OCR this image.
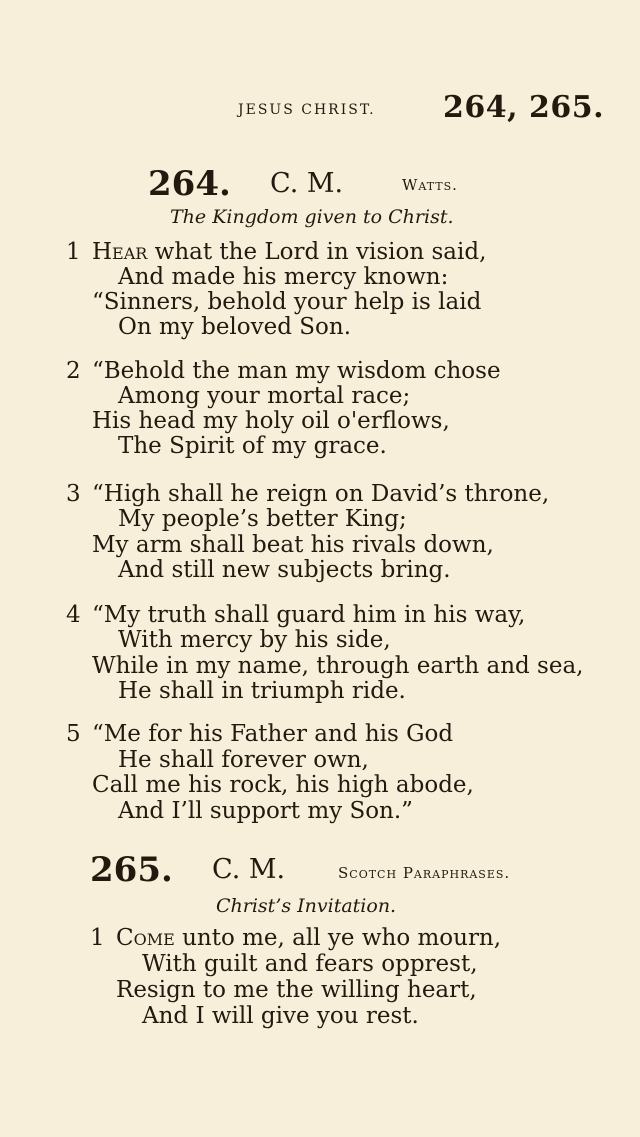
JESUS CHRIST. 264, 265.
264. C. M.	Watts.
The Kingdom given to Christ.
1 Hear what the Lord in vision said,
And made his mercy known:
“Sinners, behold your help is laid
On my beloved Son.
2 “Behold the man my wisdom chose
Among your mortal race;
His head my holy oil o'erflows,
The Spirit of my grace.
3 “High shall he reign on David’s throne,
My people’s better King;
My arm shall beat his rivals down,
And still new subjects bring.
4 “My truth shall guard him in his way,
With mercy by his side,
While in my name, through earth and sea,
He shall in triumph ride.
5 “Me for his Father and his God
He shall forever own,
Call me his rock, his high abode,
And I’ll support my Son.”
265. C. M.	Scotch Paraphrases.
Christ’s Invitation.
1 Come unto me, all ye who mourn,
With guilt and fears opprest,
Resign to me the willing heart,
And I will give you rest.
